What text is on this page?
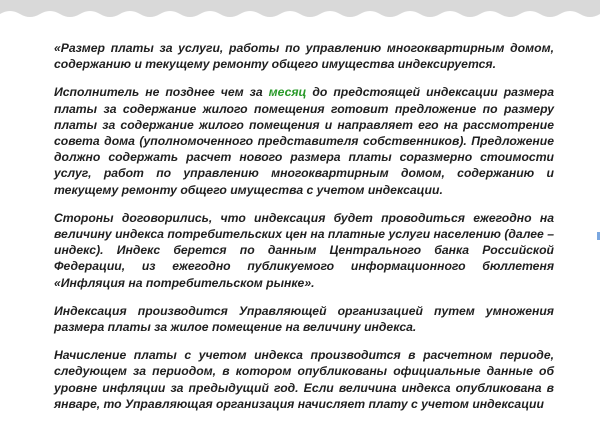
«Размер платы за услуги, работы по управлению многоквартирным домом, содержанию и текущему ремонту общего имущества индексируется.

Исполнитель не позднее чем за месяц до предстоящей индексации размера платы за содержание жилого помещения готовит предложение по размеру платы за содержание жилого помещения и направляет его на рассмотрение совета дома (уполномоченного представителя собственников). Предложение должно содержать расчет нового размера платы соразмерно стоимости услуг, работ по управлению многоквартирным домом, содержанию и текущему ремонту общего имущества с учетом индексации.

Стороны договорились, что индексация будет проводиться ежегодно на величину индекса потребительских цен на платные услуги населению (далее – индекс). Индекс берется по данным Центрального банка Российской Федерации, из ежегодно публикуемого информационного бюллетеня «Инфляция на потребительском рынке».

Индексация производится Управляющей организацией путем умножения размера платы за жилое помещение на величину индекса.

Начисление платы с учетом индекса производится в расчетном периоде, следующем за периодом, в котором опубликованы официальные данные об уровне инфляции за предыдущий год. Если величина индекса опубликована в январе, то Управляющая организация начисляет плату с учетом индексации
